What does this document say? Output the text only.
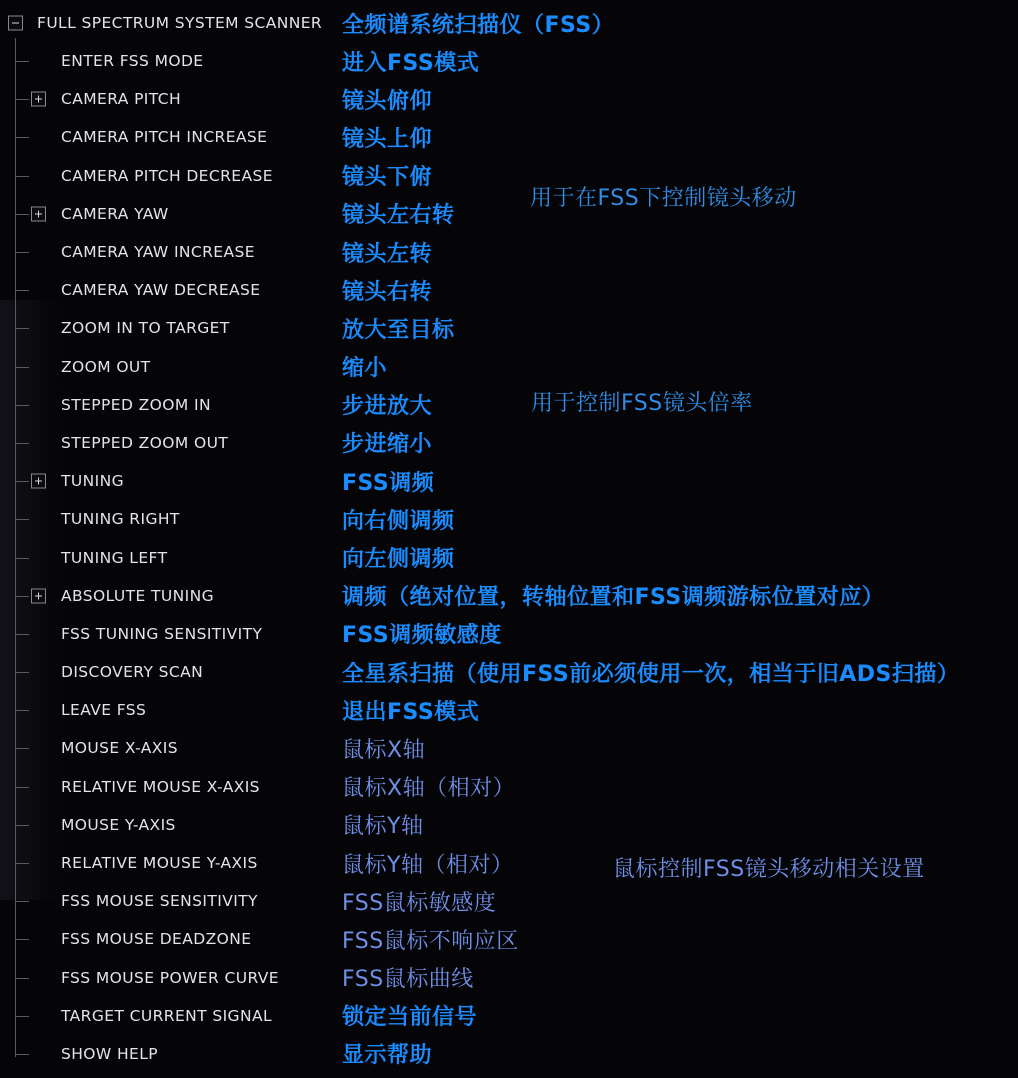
FULL SPECTRUM SYSTEM SCANNER 全频谱系统扫描仪（FSS）
ENTER FSS MODE	进入FSS模式
CAMERA PITCH	镜头俯仰
CAMERA PITCH INCREASE	镜头上仰
CAMERA PITCH DECREASE	镜头下俯
CAMERA YAW	镜头左右转
CAMERA YAW INCREASE	镜头左转
CAMERA YAW DECREASE	镜头右转
ZOOM IN TO TARGET	放大至目标
ZOOM OUT	缩小
STEPPED ZOOM IN	步进放大
STEPPED ZOOM OUT	步进缩小
TUNING	FSS调频
TUNING RIGHT	向右侧调频
TUNING LEFT	向左侧调频
ABSOLUTE TUNING	调频（绝对位置，转轴位置和FSS调频游标位置对应）
FSS TUNING SENSITIVITY	FSS调频敏感度
DISCOVERY SCAN	全星系扫描（使用FSS前必须使用一次，相当于旧ADS扫描）
LEAVE FSS	退出FSS模式
MOUSE X-AXIS	鼠标X轴
RELATIVE MOUSE X-AXIS	鼠标X轴（相对）
MOUSE Y-AXIS	鼠标Y轴
RELATIVE MOUSE Y-AXIS	鼠标Y轴（相对）
FSS MOUSE SENSITIVITY	FSS鼠标敏感度
FSS MOUSE DEADZONE	FSS鼠标不响应区
FSS MOUSE POWER CURVE	FSS鼠标曲线
TARGET CURRENT SIGNAL	锁定当前信号
SHOW HELP	显示帮助
用于在FSS下控制镜头移动
用于控制FSS镜头倍率
鼠标控制FSS镜头移动相关设置
